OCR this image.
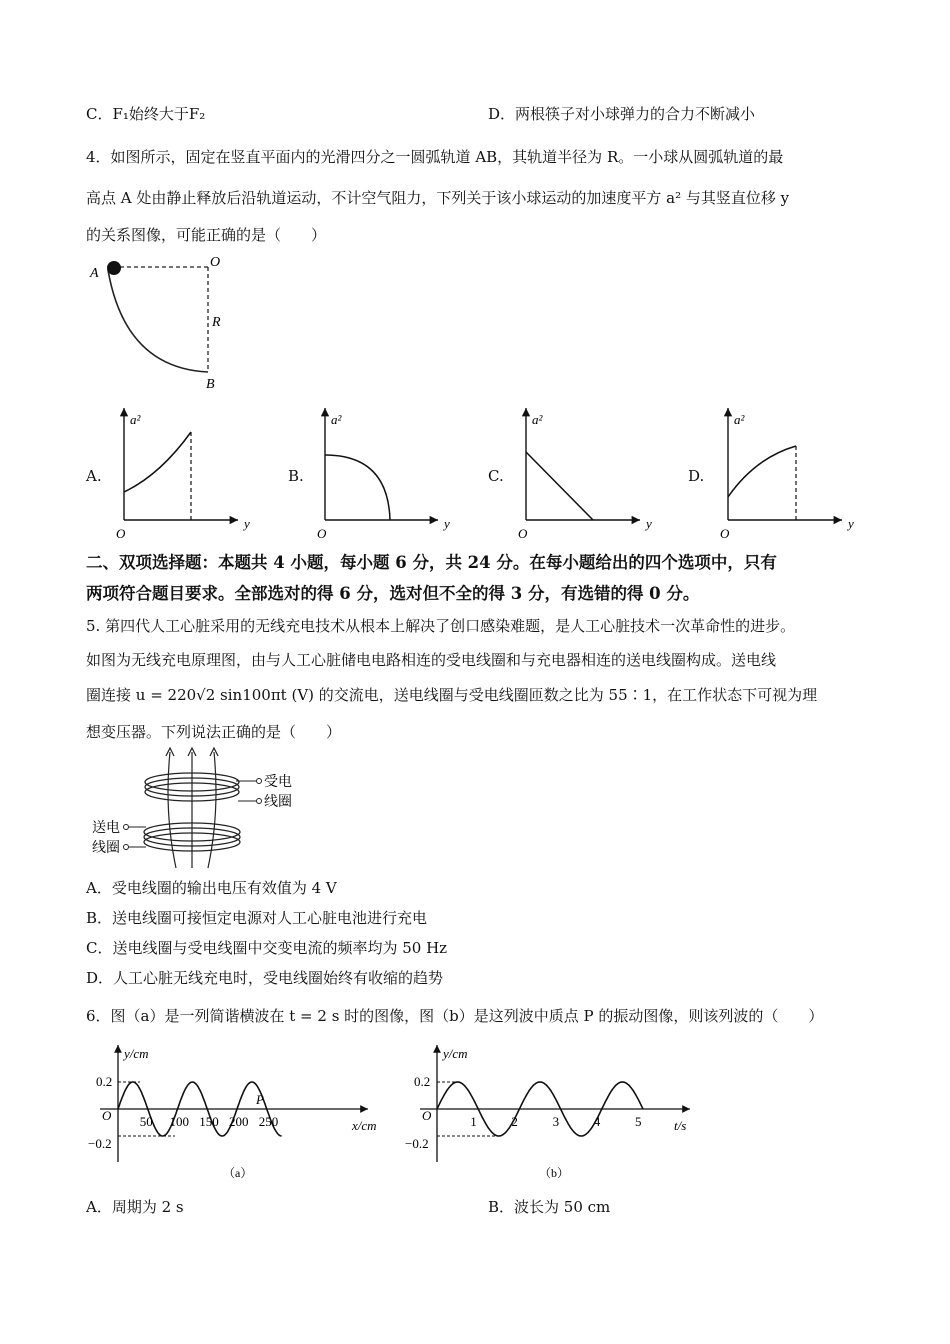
C．F₁始终大于F₂	D．两根筷子对小球弹力的合力不断减小
4．如图所示，固定在竖直平面内的光滑四分之一圆弧轨道 AB，其轨道半径为 R。一小球从圆弧轨道的最
高点 A 处由静止释放后沿轨道运动，不计空气阻力，下列关于该小球运动的加速度平方 a² 与其竖直位移 y
的关系图像，可能正确的是（　　）
A
O
R
B
A.	B.	C.	D.
a²
y
O
a²
y
O
a²
y
O
a²
y
O
二、双项选择题：本题共 4 小题，每小题 6 分，共 24 分。在每小题给出的四个选项中，只有
两项符合题目要求。全部选对的得 6 分，选对但不全的得 3 分，有选错的得 0 分。
5. 第四代人工心脏采用的无线充电技术从根本上解决了创口感染难题，是人工心脏技术一次革命性的进步。
如图为无线充电原理图，由与人工心脏储电电路相连的受电线圈和与充电器相连的送电线圈构成。送电线
圈连接 u = 220√2 sin100πt (V) 的交流电，送电线圈与受电线圈匝数之比为 55∶1，在工作状态下可视为理
想变压器。下列说法正确的是（　　）
受电
线圈
送电
线圈
A．受电线圈的输出电压有效值为 4 V
B．送电线圈可接恒定电源对人工心脏电池进行充电
C．送电线圈与受电线圈中交变电流的频率均为 50 Hz
D．人工心脏无线充电时，受电线圈始终有收缩的趋势
6．图（a）是一列简谐横波在 t = 2 s 时的图像，图（b）是这列波中质点 P 的振动图像，则该列波的（　　）
50 100 150 200 250
y/cm
0.2
−0.2
O
x/cm
P
（a）
1	2	3	4	5
y/cm
0.2
−0.2
O
t/s
（b）
A．周期为 2 s	B．波长为 50 cm
